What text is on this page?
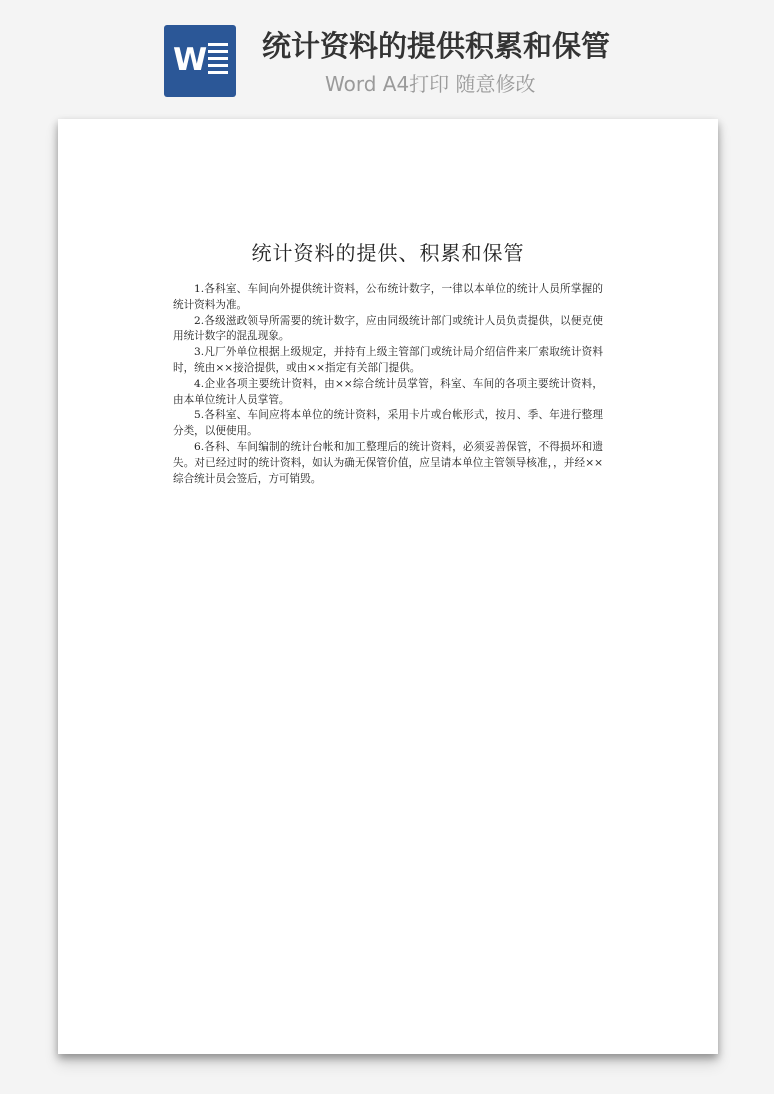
W 统计资料的提供积累和保管
Word A4打印 随意修改
统计资料的提供、积累和保管

1.各科室、车间向外提供统计资料，公布统计数字，一律以本单位的统计人员所掌握的统计资料为准。

2.各级滋政领导所需要的统计数字，应由同级统计部门或统计人员负责提供，以便克使用统计数字的混乱现象。

3.凡厂外单位根据上级规定，并持有上级主管部门或统计局介绍信件来厂索取统计资料时，统由××接洽提供，或由××指定有关部门提供。

4.企业各项主要统计资料，由××综合统计员掌管，科室、车间的各项主要统计资料，由本单位统计人员掌管。

5.各科室、车间应将本单位的统计资料，采用卡片或台帐形式，按月、季、年进行整理分类，以便使用。

6.各科、车间编制的统计台帐和加工整理后的统计资料，必须妥善保管，不得损坏和遗失。对已经过时的统计资料，如认为确无保管价值，应呈请本单位主管领导核准，，并经××综合统计员会签后，方可销毁。
